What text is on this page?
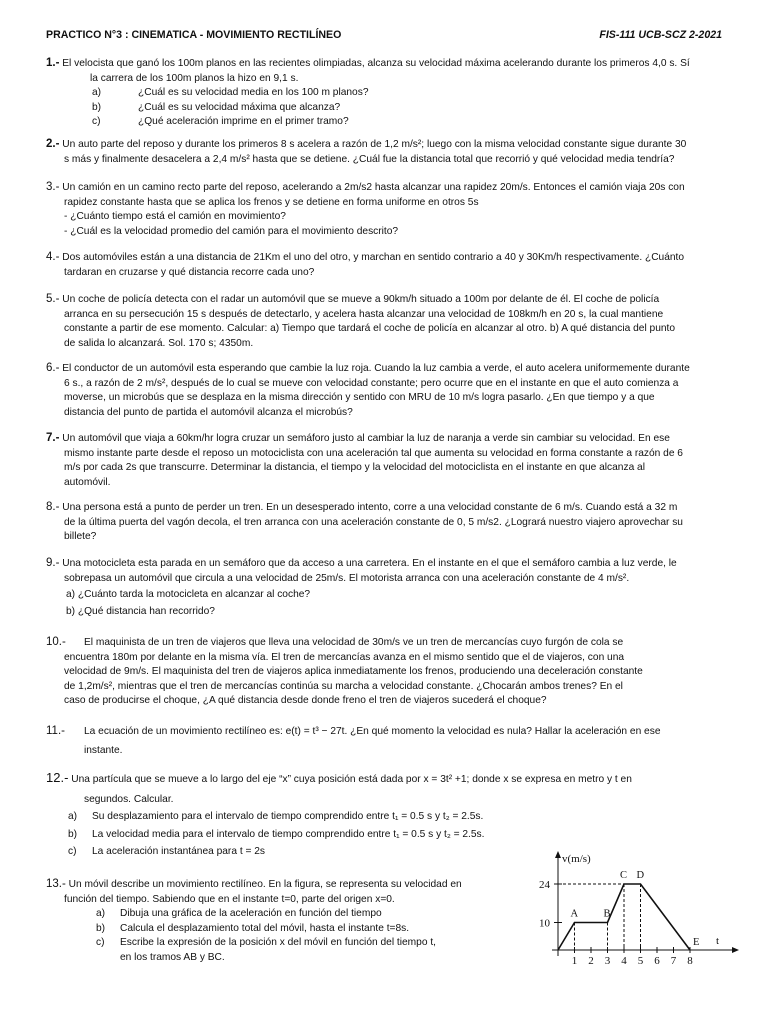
PRACTICO N°3 : CINEMATICA - MOVIMIENTO RECTILÍNEO	FIS-111 UCB-SCZ 2-2021
1.- El velocista que ganó los 100m planos en las recientes olimpiadas, alcanza su velocidad máxima acelerando durante los primeros 4,0 s. Sí
la carrera de los 100m planos la hizo en 9,1 s.
a)	¿Cuál es su velocidad media en los 100 m planos?
b)	¿Cuál es su velocidad máxima que alcanza?
c)	¿Qué aceleración imprime en el primer tramo?
2.- Un auto parte del reposo y durante los primeros 8 s acelera a razón de 1,2 m/s²; luego con la misma velocidad constante sigue durante 30
s más y finalmente desacelera a 2,4 m/s² hasta que se detiene. ¿Cuál fue la distancia total que recorrió y qué velocidad media tendría?
3.- Un camión en un camino recto parte del reposo, acelerando a 2m/s2 hasta alcanzar una rapidez 20m/s. Entonces el camión viaja 20s con
rapidez constante hasta que se aplica los frenos y se detiene en forma uniforme en otros 5s
- ¿Cuánto tiempo está el camión en movimiento?
- ¿Cuál es la velocidad promedio del camión para el movimiento descrito?
4.- Dos automóviles están a una distancia de 21Km el uno del otro, y marchan en sentido contrario a 40 y 30Km/h respectivamente. ¿Cuánto
tardaran en cruzarse y qué distancia recorre cada uno?
5.- Un coche de policía detecta con el radar un automóvil que se mueve a 90km/h situado a 100m por delante de él. El coche de policía
arranca en su persecución 15 s después de detectarlo, y acelera hasta alcanzar una velocidad de 108km/h en 20 s, la cual mantiene
constante a partir de ese momento. Calcular: a) Tiempo que tardará el coche de policía en alcanzar al otro. b) A qué distancia del punto
de salida lo alcanzará. Sol. 170 s; 4350m.
6.- El conductor de un automóvil esta esperando que cambie la luz roja. Cuando la luz cambia a verde, el auto acelera uniformemente durante
6 s., a razón de 2 m/s², después de lo cual se mueve con velocidad constante; pero ocurre que en el instante en que el auto comienza a
moverse, un microbús que se desplaza en la misma dirección y sentido con MRU de 10 m/s logra pasarlo. ¿En que tiempo y a que
distancia del punto de partida el automóvil alcanza el microbús?
7.- Un automóvil que viaja a 60km/hr logra cruzar un semáforo justo al cambiar la luz de naranja a verde sin cambiar su velocidad. En ese
mismo instante parte desde el reposo un motociclista con una aceleración tal que aumenta su velocidad en forma constante a razón de 6
m/s por cada 2s que transcurre. Determinar la distancia, el tiempo y la velocidad del motociclista en el instante en que alcanza al
automóvil.
8.- Una persona está a punto de perder un tren. En un desesperado intento, corre a una velocidad constante de 6 m/s. Cuando está a 32 m
de la última puerta del vagón decola, el tren arranca con una aceleración constante de 0, 5 m/s2. ¿Logrará nuestro viajero aprovechar su
billete?
9.- Una motocicleta esta parada en un semáforo que da acceso a una carretera. En el instante en el que el semáforo cambia a luz verde, le
sobrepasa un automóvil que circula a una velocidad de 25m/s. El motorista arranca con una aceleración constante de 4 m/s².
a) ¿Cuánto tarda la motocicleta en alcanzar al coche?
b) ¿Qué distancia han recorrido?
10.- El maquinista de un tren de viajeros que lleva una velocidad de 30m/s ve un tren de mercancías cuyo furgón de cola se
encuentra 180m por delante en la misma vía. El tren de mercancías avanza en el mismo sentido que el de viajeros, con una
velocidad de 9m/s. El maquinista del tren de viajeros aplica inmediatamente los frenos, produciendo una deceleración constante
de 1,2m/s², mientras que el tren de mercancías continúa su marcha a velocidad constante. ¿Chocarán ambos trenes? En el
caso de producirse el choque, ¿A qué distancia desde donde freno el tren de viajeros sucederá el choque?
11.- La ecuación de un movimiento rectilíneo es: e(t) = t³ − 27t. ¿En qué momento la velocidad es nula? Hallar la aceleración en ese
instante.
12.- Una partícula que se mueve a lo largo del eje “x” cuya posición está dada por x = 3t² +1; donde x se expresa en metro y t en
segundos. Calcular.
a) Su desplazamiento para el intervalo de tiempo comprendido entre t₁ = 0.5 s y t₂ = 2.5s.
b) La velocidad media para el intervalo de tiempo comprendido entre t₁ = 0.5 s y t₂ = 2.5s.
c) La aceleración instantánea para t = 2s
13.- Un móvil describe un movimiento rectilíneo. En la figura, se representa su velocidad en
función del tiempo. Sabiendo que en el instante t=0, parte del origen x=0.
a) Dibuja una gráfica de la aceleración en función del tiempo
b) Calcula el desplazamiento total del móvil, hasta el instante t=8s.
c) Escribe la expresión de la posición x del móvil en función del tiempo t,
en los tramos AB y BC.	1 2 3 4 5 6 7 8
10
24
A B
C D
E
v(m/s)
t
